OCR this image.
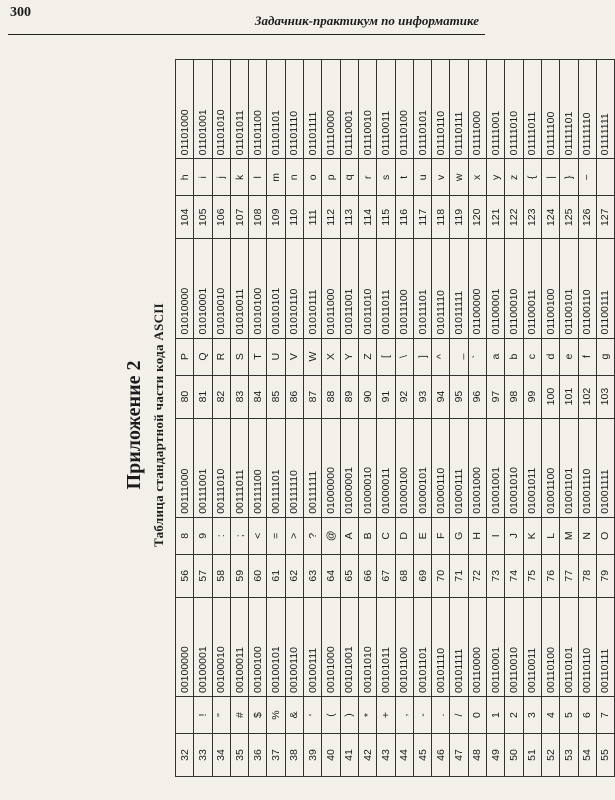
300
Задачник-практикум по информатике
Приложение 2 Таблица стандартной части кода ASCII
32		00100000	56	8	00111000	80	P	01010000	104	h	01101000
33	!	00100001	57	9	00111001	81	Q	01010001	105	i	01101001
34	"	00100010	58	:	00111010	82	R	01010010	106	j	01101010
35	#	00100011	59	;	00111011	83	S	01010011	107	k	01101011
36	$	00100100	60	<	00111100	84	T	01010100	108	l	01101100
37	%	00100101	61	=	00111101	85	U	01010101	109	m	01101101
38	&	00100110	62	>	00111110	86	V	01010110	110	n	01101110
39	'	00100111	63	?	00111111	87	W	01010111	111	o	01101111
40	(	00101000	64	@	01000000	88	X	01011000	112	p	01110000
41	)	00101001	65	A	01000001	89	Y	01011001	113	q	01110001
42	*	00101010	66	B	01000010	90	Z	01011010	114	r	01110010
43	+	00101011	67	C	01000011	91	[	01011011	115	s	01110011
44	,	00101100	68	D	01000100	92	\	01011100	116	t	01110100
45	-	00101101	69	E	01000101	93	]	01011101	117	u	01110101
46	.	00101110	70	F	01000110	94	^	01011110	118	v	01110110
47	/	00101111	71	G	01000111	95	_	01011111	119	w	01110111
48	0	00110000	72	H	01001000	96	`	01100000	120	x	01111000
49	1	00110001	73	I	01001001	97	a	01100001	121	y	01111001
50	2	00110010	74	J	01001010	98	b	01100010	122	z	01111010
51	3	00110011	75	K	01001011	99	c	01100011	123	{	01111011
52	4	00110100	76	L	01001100	100	d	01100100	124	|	01111100
53	5	00110101	77	M	01001101	101	e	01100101	125	}	01111101
54	6	00110110	78	N	01001110	102	f	01100110	126	~	01111110
55	7	00110111	79	O	01001111	103	g	01100111	127		01111111
